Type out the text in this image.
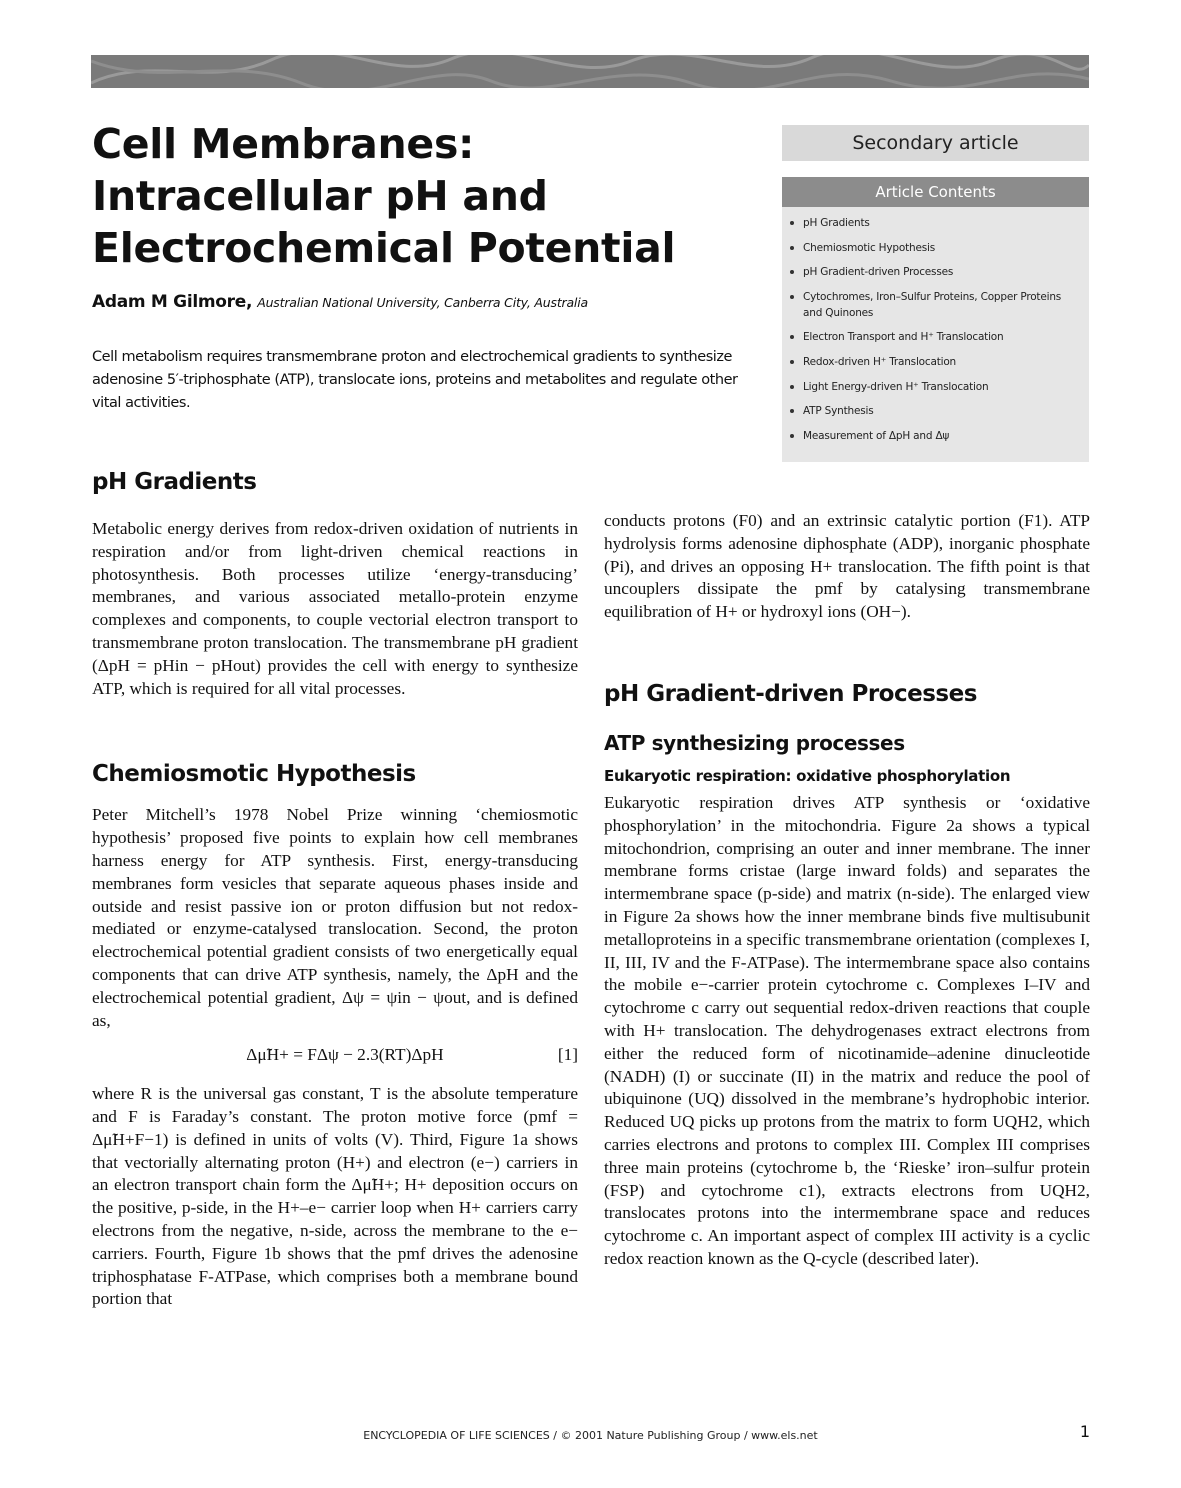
Cell Membranes:
Intracellular pH and
Electrochemical Potential
Adam M Gilmore, Australian National University, Canberra City, Australia

Cell metabolism requires transmembrane proton and electrochemical gradients to synthesize adenosine 5′-triphosphate (ATP), translocate ions, proteins and metabolites and regulate other vital activities.

Secondary article
Article Contents
pH Gradients
Chemiosmotic Hypothesis
pH Gradient-driven Processes
Cytochromes, Iron–Sulfur Proteins, Copper Proteins and Quinones
Electron Transport and H⁺ Translocation
Redox-driven H⁺ Translocation
Light Energy-driven H⁺ Translocation
ATP Synthesis
Measurement of ΔpH and Δψ
pH Gradients

Metabolic energy derives from redox-driven oxidation of nutrients in respiration and/or from light-driven chemical reactions in photosynthesis. Both processes utilize ‘energy-transducing’ membranes, and various associated metallo-protein enzyme complexes and components, to couple vectorial electron transport to transmembrane proton translocation. The transmembrane pH gradient (ΔpH = pHin − pHout) provides the cell with energy to synthesize ATP, which is required for all vital processes.

Chemiosmotic Hypothesis

Peter Mitchell’s 1978 Nobel Prize winning ‘chemiosmotic hypothesis’ proposed five points to explain how cell membranes harness energy for ATP synthesis. First, energy-transducing membranes form vesicles that separate aqueous phases inside and outside and resist passive ion or proton diffusion but not redox-mediated or enzyme-catalysed translocation. Second, the proton electrochemical potential gradient consists of two energetically equal components that can drive ATP synthesis, namely, the ΔpH and the electrochemical potential gradient, Δψ = ψin − ψout, and is defined as,

Δμ̃H+ = FΔψ − 2.3(RT)ΔpH	[1]

where R is the universal gas constant, T is the absolute temperature and F is Faraday’s constant. The proton motive force (pmf = Δμ̃H+F−1) is defined in units of volts (V). Third, Figure 1a shows that vectorially alternating proton (H+) and electron (e−) carriers in an electron transport chain form the Δμ̃H+; H+ deposition occurs on the positive, p-side, in the H+–e− carrier loop when H+ carriers carry electrons from the negative, n-side, across the membrane to the e− carriers. Fourth, Figure 1b shows that the pmf drives the adenosine triphosphatase F-ATPase, which comprises both a membrane bound portion that

conducts protons (F0) and an extrinsic catalytic portion (F1). ATP hydrolysis forms adenosine diphosphate (ADP), inorganic phosphate (Pi), and drives an opposing H+ translocation. The fifth point is that uncouplers dissipate the pmf by catalysing transmembrane equilibration of H+ or hydroxyl ions (OH−).

pH Gradient-driven Processes
ATP synthesizing processes
Eukaryotic respiration: oxidative phosphorylation

Eukaryotic respiration drives ATP synthesis or ‘oxidative phosphorylation’ in the mitochondria. Figure 2a shows a typical mitochondrion, comprising an outer and inner membrane. The inner membrane forms cristae (large inward folds) and separates the intermembrane space (p-side) and matrix (n-side). The enlarged view in Figure 2a shows how the inner membrane binds five multisubunit metalloproteins in a specific transmembrane orientation (complexes I, II, III, IV and the F-ATPase). The intermembrane space also contains the mobile e−-carrier protein cytochrome c. Complexes I–IV and cytochrome c carry out sequential redox-driven reactions that couple with H+ translocation. The dehydrogenases extract electrons from either the reduced form of nicotinamide–adenine dinucleotide (NADH) (I) or succinate (II) in the matrix and reduce the pool of ubiquinone (UQ) dissolved in the membrane’s hydrophobic interior. Reduced UQ picks up protons from the matrix to form UQH2, which carries electrons and protons to complex III. Complex III comprises three main proteins (cytochrome b, the ‘Rieske’ iron–sulfur protein (FSP) and cytochrome c1), extracts electrons from UQH2, translocates protons into the intermembrane space and reduces cytochrome c. An important aspect of complex III activity is a cyclic redox reaction known as the Q-cycle (described later).

ENCYCLOPEDIA OF LIFE SCIENCES / © 2001 Nature Publishing Group / www.els.net	1
